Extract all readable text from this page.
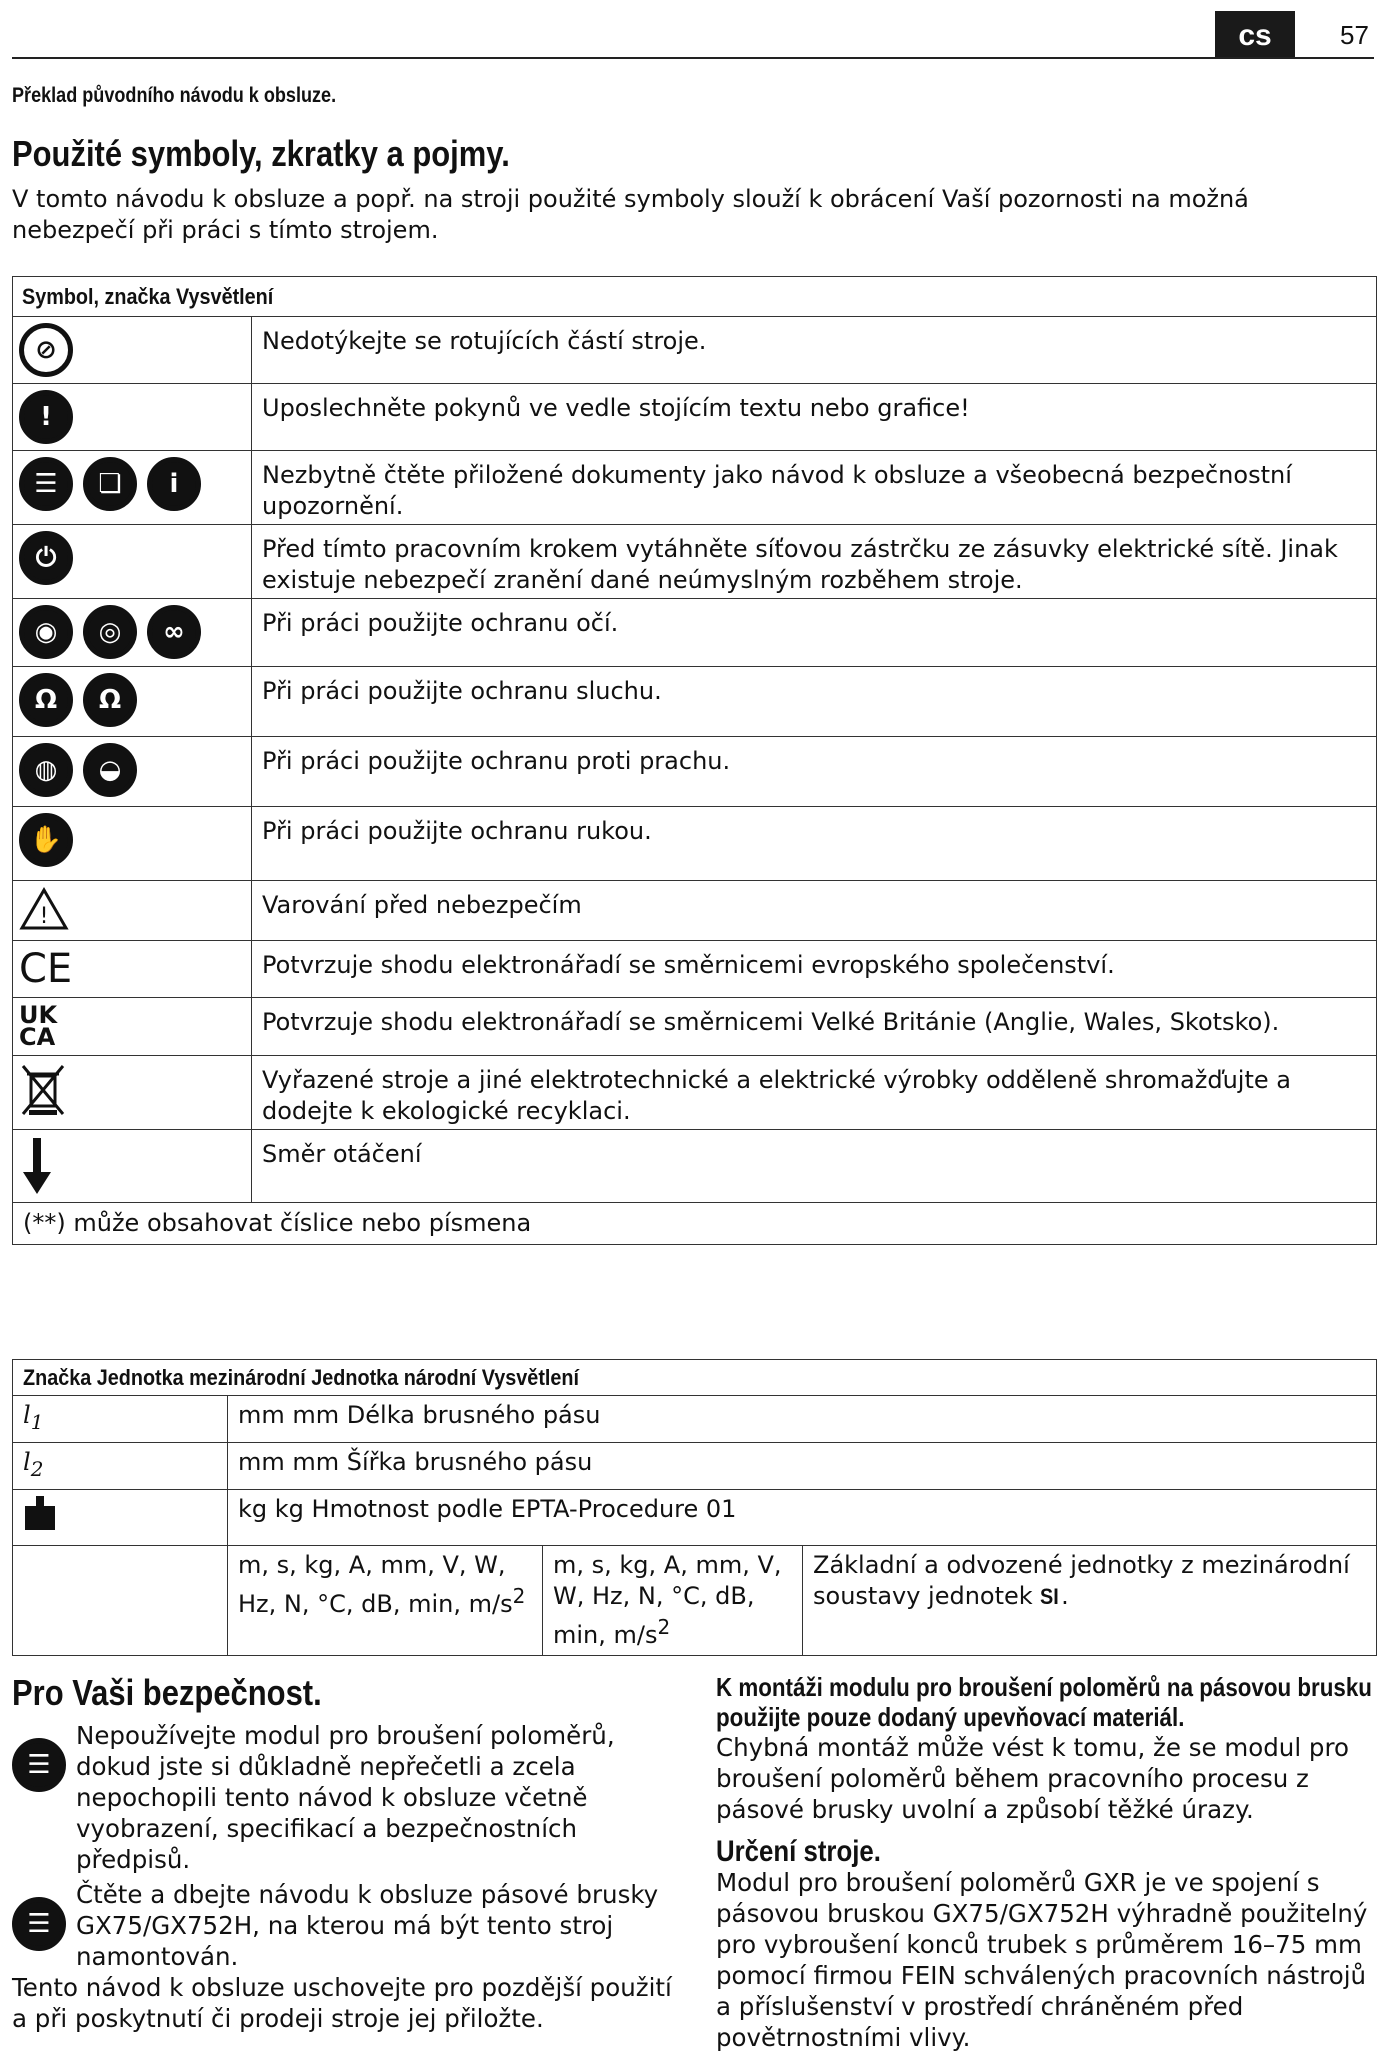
cs	57
Překlad původního návodu k obsluze.
Použité symboly, zkratky a pojmy.
V tomto návodu k obsluze a popř. na stroji použité symboly slouží k obrácení Vaší pozornosti na možná nebezpečí při práci s tímto strojem.
Symbol, značka Vysvětlení	

⊘	Nedotýkejte se rotujících částí stroje.

!	Uposlechněte pokynů ve vedle stojícím textu nebo grafice!

☰ ❏ i	Nezbytně čtěte přiložené dokumenty jako návod k obsluze a všeobecná bezpečnostní upozornění.

⏻	Před tímto pracovním krokem vytáhněte síťovou zástrčku ze zásuvky elektrické sítě. Jinak existuje nebezpečí zranění dané neúmyslným rozběhem stroje.

◉ ◎ ∞	Při práci použijte ochranu očí.

Ω Ω	Při práci použijte ochranu sluchu.

◍ ◒	Při práci použijte ochranu proti prachu.

✋	Při práci použijte ochranu rukou.

!	Varování před nebezpečím

CE	Potvrzuje shodu elektronářadí se směrnicemi evropského společenství.

UK
CA	Potvrzuje shodu elektronářadí se směrnicemi Velké Británie (Anglie, Wales, Skotsko).

	Vyřazené stroje a jiné elektrotechnické a elektrické výrobky odděleně shromažďujte a dodejte k ekologické recyklaci.

	Směr otáčení
(**) může obsahovat číslice nebo písmena	
Značka Jednotka mezinárodní Jednotka národní Vysvětlení			
$l_1$	mm mm Délka brusného pásu		
$l_2$	mm mm Šířka brusného pásu		
	kg kg Hmotnost podle EPTA-Procedure 01		
	m, s, kg, A, mm, V, W, Hz, N, °C, dB, min, $m/s^2$	m, s, kg, A, mm, V, W, Hz, N, °C, dB, min, $m/s^2$	Základní a odvozené jednotky z mezinárodní soustavy jednotek SI.
Pro Vaši bezpečnost.
☰
Nepoužívejte modul pro broušení poloměrů, dokud jste si důkladně nepřečetli a zcela nepochopili tento návod k obsluze včetně vyobrazení, specifikací a bezpečnostních předpisů.
☰
Čtěte a dbejte návodu k obsluze pásové brusky GX75/GX752H, na kterou má být tento stroj namontován.
Tento návod k obsluze uschovejte pro pozdější použití a při poskytnutí či prodeji stroje jej přiložte.
K montáži modulu pro broušení poloměrů na pásovou brusku použijte pouze dodaný upevňovací materiál.
Chybná montáž může vést k tomu, že se modul pro broušení poloměrů během pracovního procesu z pásové brusky uvolní a způsobí těžké úrazy.
Určení stroje.
Modul pro broušení poloměrů GXR je ve spojení s pásovou bruskou GX75/GX752H výhradně použitelný pro vybroušení konců trubek s průměrem 16–75 mm pomocí firmou FEIN schválených pracovních nástrojů a příslušenství v prostředí chráněném před povětrnostními vlivy.
